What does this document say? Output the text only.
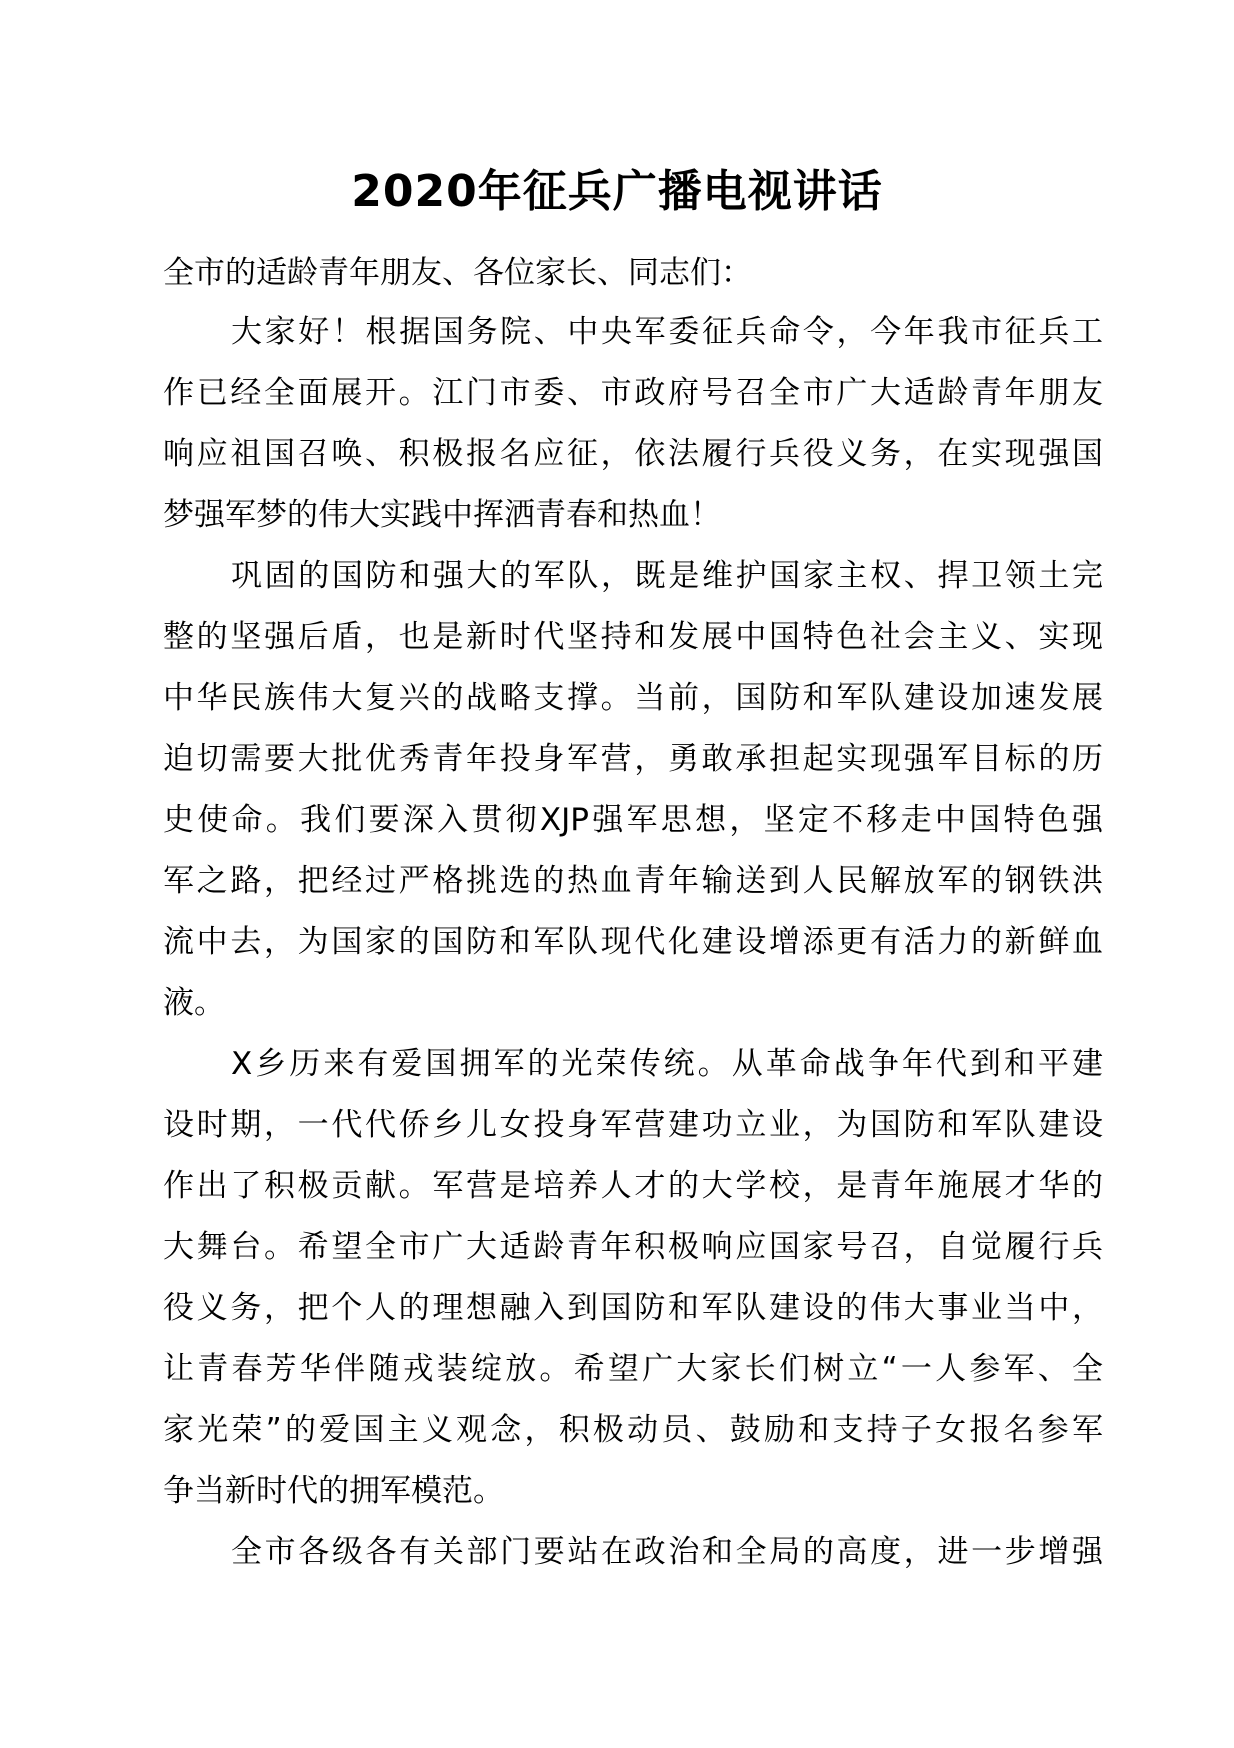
2020年征兵广播电视讲话

全市的适龄青年朋友、各位家长、同志们：

大家好！根据国务院、中央军委征兵命令，今年我市征兵工
作已经全面展开。江门市委、市政府号召全市广大适龄青年朋友
响应祖国召唤、积极报名应征，依法履行兵役义务，在实现强国
梦强军梦的伟大实践中挥洒青春和热血！
巩固的国防和强大的军队，既是维护国家主权、捍卫领土完
整的坚强后盾，也是新时代坚持和发展中国特色社会主义、实现
中华民族伟大复兴的战略支撑。当前，国防和军队建设加速发展
迫切需要大批优秀青年投身军营，勇敢承担起实现强军目标的历
史使命。我们要深入贯彻XJP强军思想，坚定不移走中国特色强
军之路，把经过严格挑选的热血青年输送到人民解放军的钢铁洪
流中去，为国家的国防和军队现代化建设增添更有活力的新鲜血
液。
X乡历来有爱国拥军的光荣传统。从革命战争年代到和平建
设时期，一代代侨乡儿女投身军营建功立业，为国防和军队建设
作出了积极贡献。军营是培养人才的大学校，是青年施展才华的
大舞台。希望全市广大适龄青年积极响应国家号召，自觉履行兵
役义务，把个人的理想融入到国防和军队建设的伟大事业当中，
让青春芳华伴随戎装绽放。希望广大家长们树立“一人参军、全
家光荣”的爱国主义观念，积极动员、鼓励和支持子女报名参军
争当新时代的拥军模范。
全市各级各有关部门要站在政治和全局的高度，进一步增强
